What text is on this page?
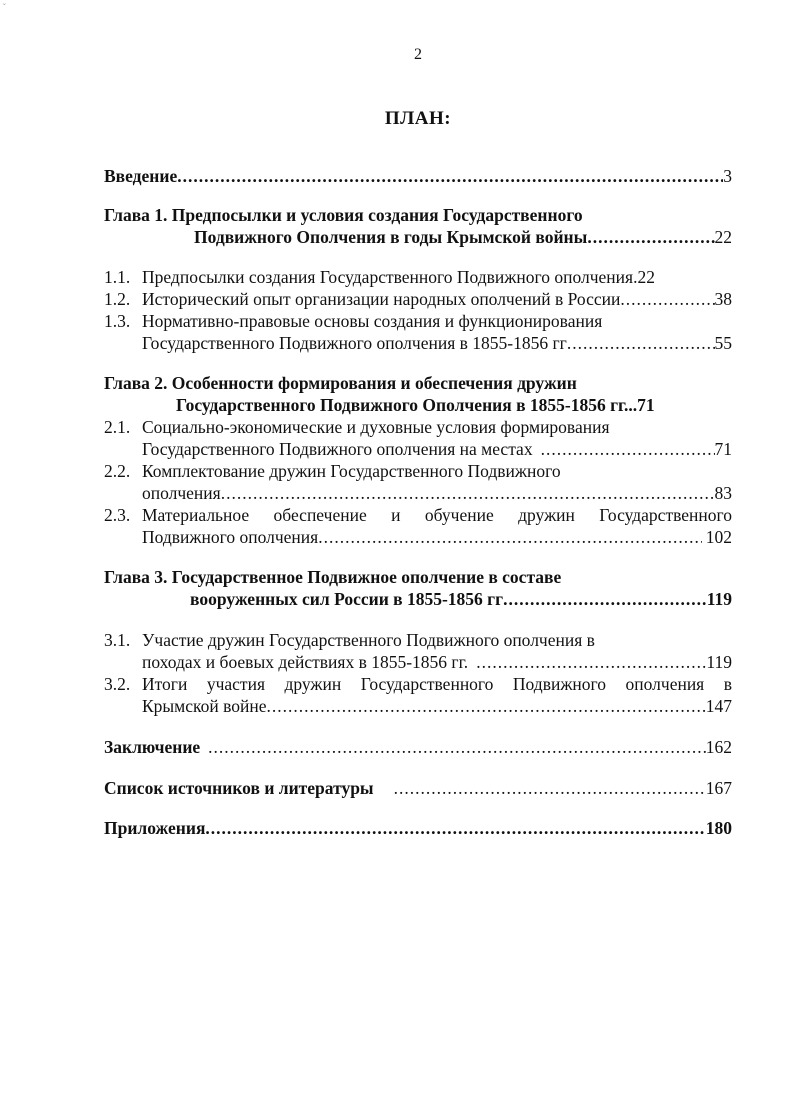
˘
2
ПЛАН:
Введение .....	3
Глава 1. Предпосылки и условия создания Государственного
Подвижного Ополчения в годы Крымской войны .....	22
1.1. Предпосылки создания Государственного Подвижного ополчения. 22
1.2. Исторический опыт организации народных ополчений в России .....	38
1.3. Нормативно-правовые основы создания и функционирования
Государственного Подвижного ополчения в 1855-1856 гг .....	55
Глава 2. Особенности формирования и обеспечения дружин
Государственного Подвижного Ополчения в 1855-1856 гг...71
2.1. Социально-экономические и духовные условия формирования
Государственного Подвижного ополчения на местах .....	71
2.2. Комплектование дружин Государственного Подвижного
ополчения .....	83
2.3. Материальное обеспечение и обучение дружин Государственного
Подвижного ополчения .....	102
Глава 3. Государственное Подвижное ополчение в составе
вооруженных сил России в 1855-1856 гг .....	119
3.1. Участие дружин Государственного Подвижного ополчения в
походах и боевых действиях в 1855-1856 гг. .....	119
3.2. Итоги участия дружин Государственного Подвижного ополчения в
Крымской войне .....	147
Заключение .....	162
Список источников и литературы .....	167
Приложения .....	180
